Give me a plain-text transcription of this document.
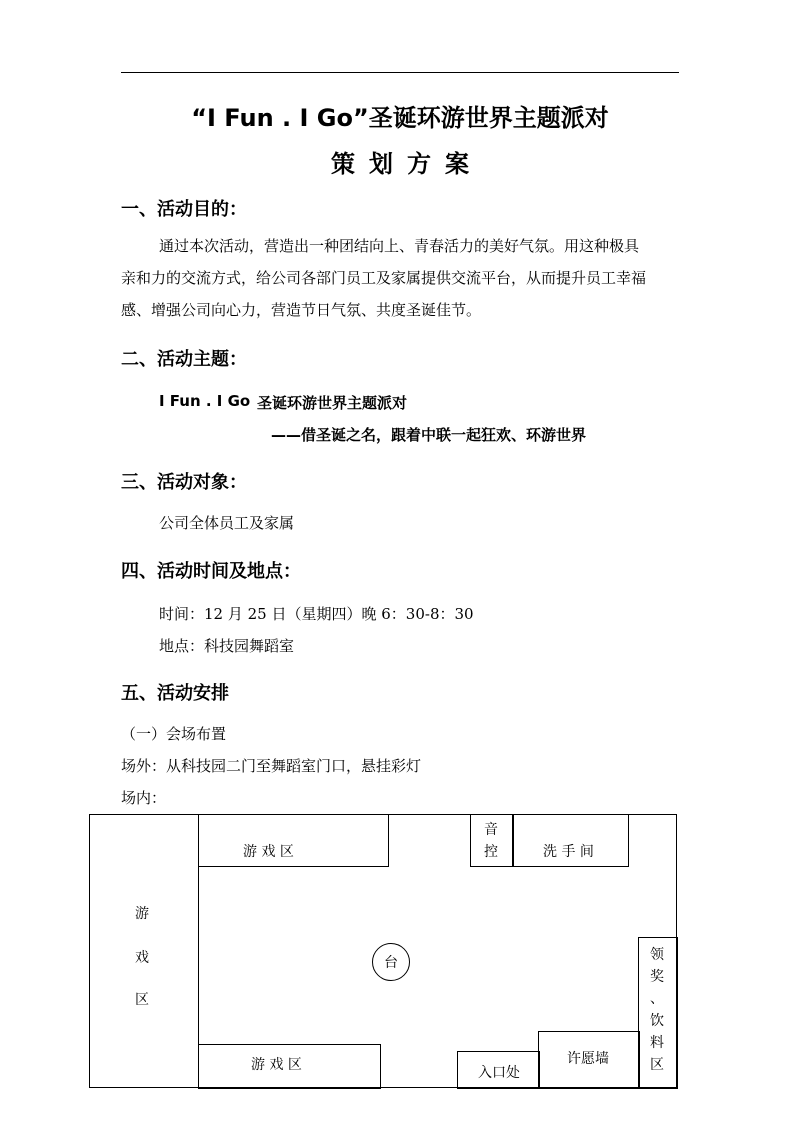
“I Fun . I Go”圣诞环游世界主题派对
策划方案
一、活动目的：
通过本次活动，营造出一种团结向上、青春活力的美好气氛。用这种极具
亲和力的交流方式，给公司各部门员工及家属提供交流平台，从而提升员工幸福
感、增强公司向心力，营造节日气氛、共度圣诞佳节。
二、活动主题：
I Fun . I Go 圣诞环游世界主题派对
——借圣诞之名，跟着中联一起狂欢、环游世界
三、活动对象：
公司全体员工及家属
四、活动时间及地点：
时间：12 月 25 日（星期四）晚 6：30-8：30
地点：科技园舞蹈室
五、活动安排
（一）会场布置
场外：从科技园二门至舞蹈室门口，悬挂彩灯
场内：
游
戏
区
游 戏 区
音
控	洗 手 间
台	领
奖
、
饮
料
区
游 戏 区	许愿墙
入口处
